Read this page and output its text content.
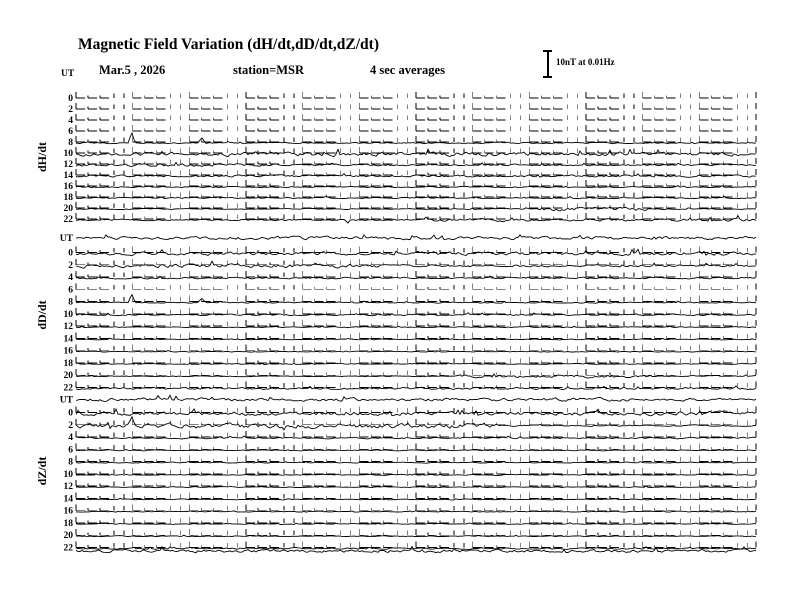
Magnetic Field Variation (dH/dt,dD/dt,dZ/dt)
Mar.5 , 2026	station=MSR	4 sec averages
UT
10nT at 0.01Hz
dH/dt
0
2
4
6
8
10
12
14
16
18
20
22
UT
dD/dt
0
2
4
6
8
10
12
14
16
18
20
22
UT
dZ/dt
0
2
4
6
8
10
12
14
16
18
20
22
